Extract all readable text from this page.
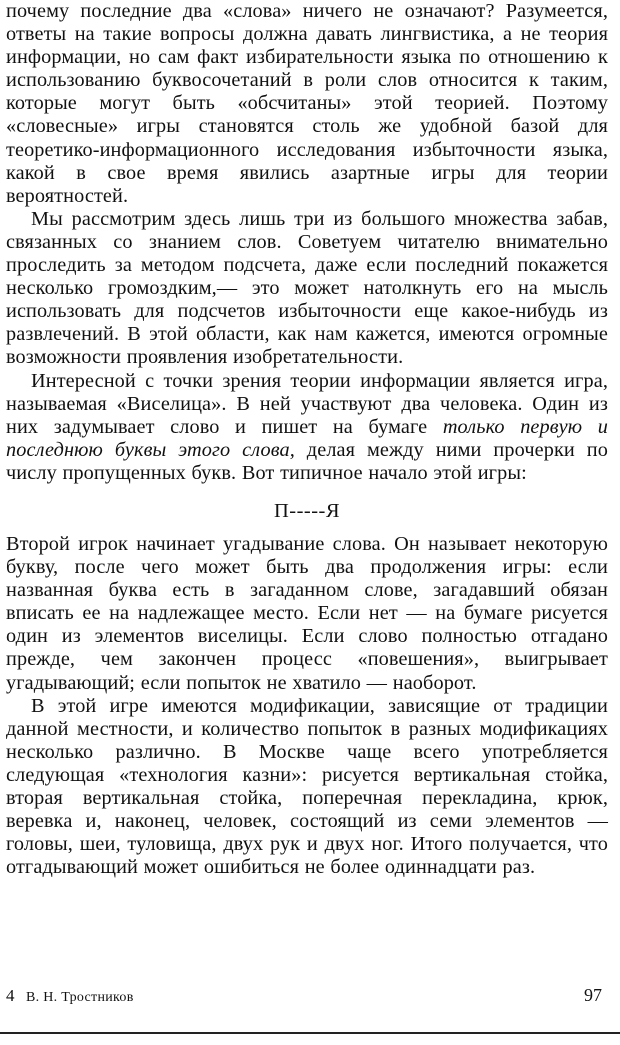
почему последние два «слова» ничего не означают? Разумеется, ответы на такие вопросы должна давать лингвистика, а не теория информации, но сам факт избирательности языка по отношению к использованию буквосочетаний в роли слов относится к таким, которые могут быть «обсчитаны» этой теорией. Поэтому «словесные» игры становятся столь же удобной базой для теоретико-информационного исследования избыточности языка, какой в свое время явились азартные игры для теории вероятностей.

Мы рассмотрим здесь лишь три из большого множества забав, связанных со знанием слов. Советуем читателю внимательно проследить за методом подсчета, даже если последний покажется несколько громоздким,— это может натолкнуть его на мысль использовать для подсчетов избыточности еще какое-нибудь из развлечений. В этой области, как нам кажется, имеются огромные возможности проявления изобретательности.

Интересной с точки зрения теории информации является игра, называемая «Виселица». В ней участвуют два человека. Один из них задумывает слово и пишет на бумаге только первую и последнюю буквы этого слова, делая между ними прочерки по числу пропущенных букв. Вот типичное начало этой игры:

П-----Я

Второй игрок начинает угадывание слова. Он называет некоторую букву, после чего может быть два продолжения игры: если названная буква есть в загаданном слове, загадавший обязан вписать ее на надлежащее место. Если нет — на бумаге рисуется один из элементов виселицы. Если слово полностью отгадано прежде, чем закончен процесс «повешения», выигрывает угадывающий; если попыток не хватило — наоборот.

В этой игре имеются модификации, зависящие от традиции данной местности, и количество попыток в разных модификациях несколько различно. В Москве чаще всего употребляется следующая «технология казни»: рисуется вертикальная стойка, вторая вертикальная стойка, поперечная перекладина, крюк, веревка и, наконец, человек, состоящий из семи элементов — головы, шеи, туловища, двух рук и двух ног. Итого получается, что отгадывающий может ошибиться не более одиннадцати раз.

4 В. Н. Тростников	97
